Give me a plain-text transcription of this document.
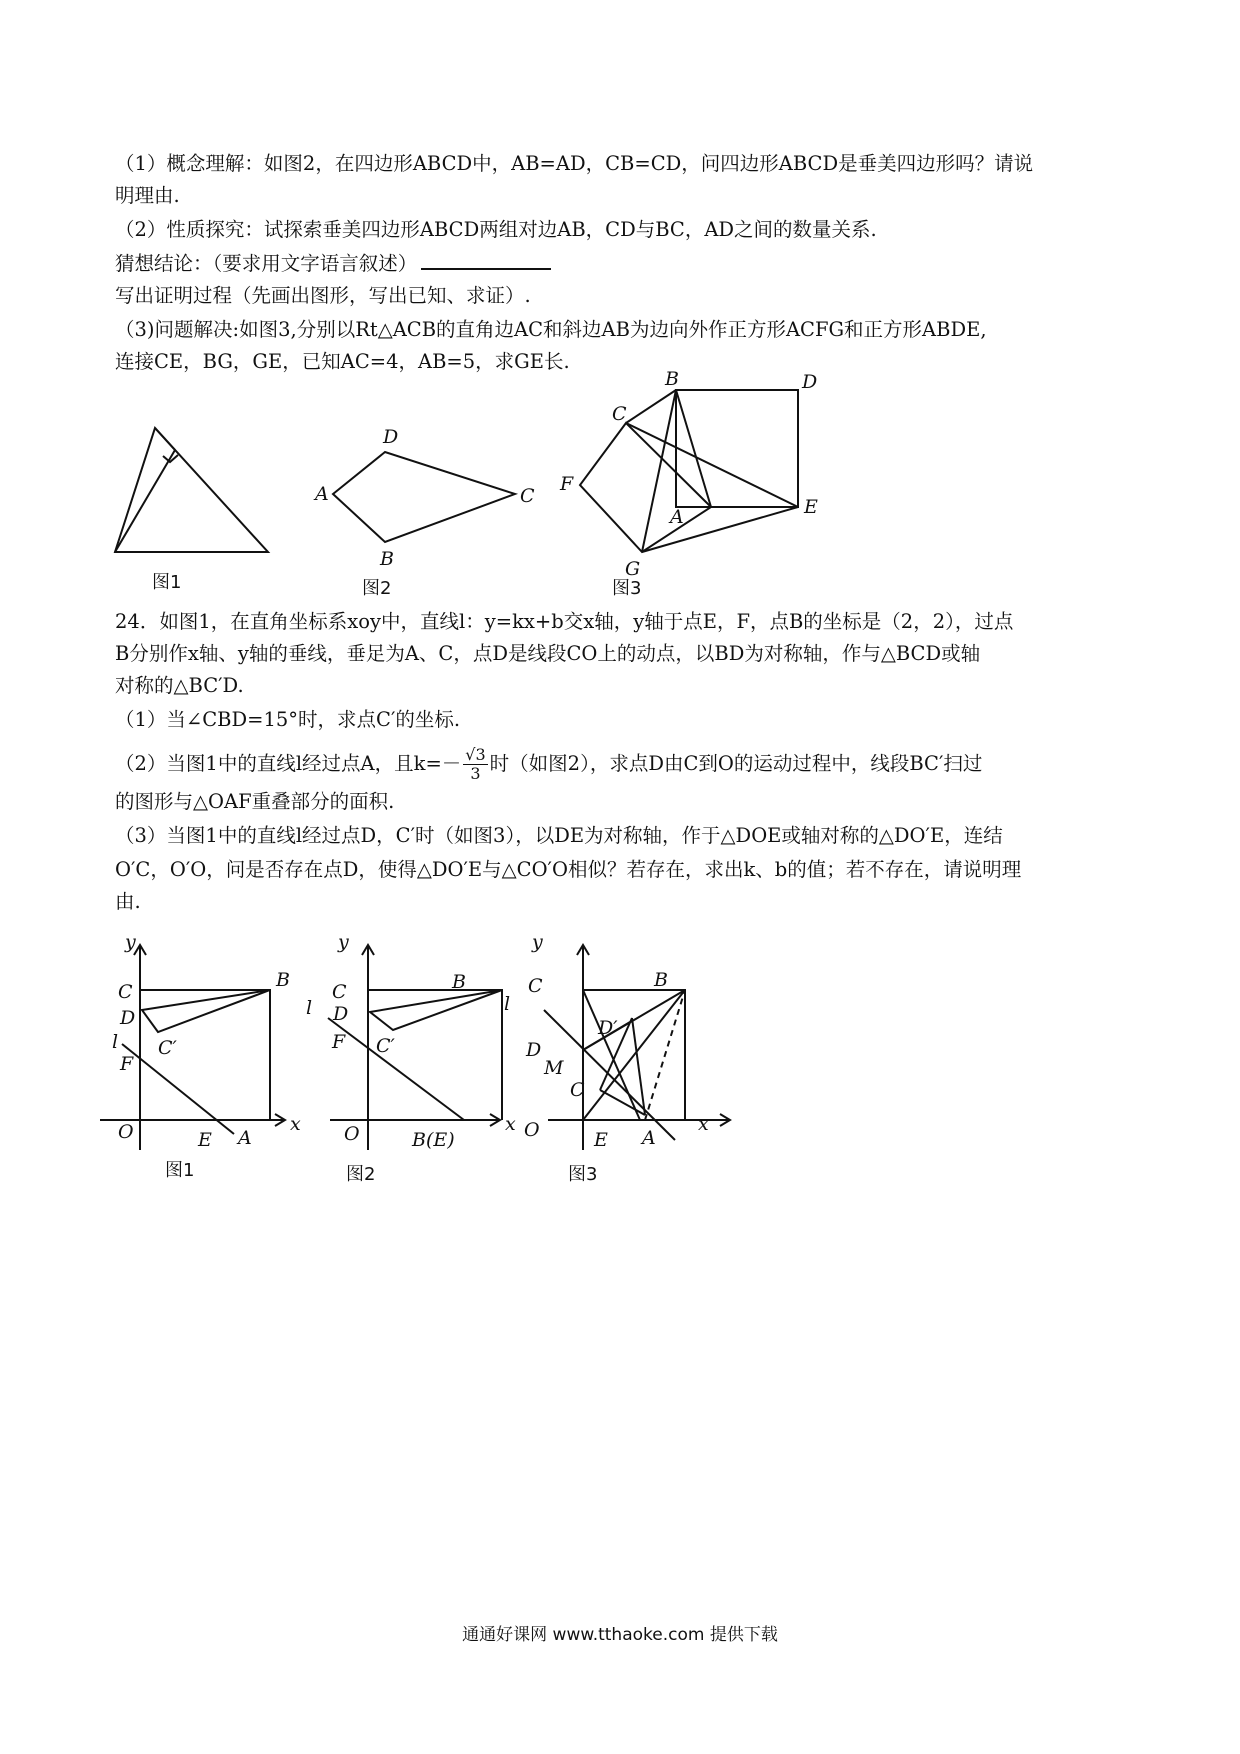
（1）概念理解：如图2，在四边形ABCD中，AB=AD，CB=CD，问四边形ABCD是垂美四边形吗？请说
明理由.
（2）性质探究：试探索垂美四边形ABCD两组对边AB，CD与BC，AD之间的数量关系.
猜想结论：（要求用文字语言叙述）
写出证明过程（先画出图形，写出已知、求证）.
（3)问题解决:如图3,分别以Rt△ACB的直角边AC和斜边AB为边向外作正方形ACFG和正方形ABDE,
连接CE，BG，GE，已知AC=4，AB=5，求GE长.
A
D
C
B
B	D
C
F
A	E
G
图1	图2	图3
24．如图1，在直角坐标系xoy中，直线l：y=kx+b交x轴，y轴于点E，F，点B的坐标是（2，2），过点
B分别作x轴、y轴的垂线，垂足为A、C，点D是线段CO上的动点，以BD为对称轴，作与△BCD或轴
对称的△BC′D.
（1）当∠CBD=15°时，求点C′的坐标.
（2）当图1中的直线l经过点A，且$k=- \frac{√3}{3}$ 时（如图2），求点D由C到O的运动过程中，线段BC′扫过
的图形与△OAF重叠部分的面积.
（3）当图1中的直线l经过点D，C′时（如图3），以DE为对称轴，作于△DOE或轴对称的△DO′E，连结
O′C，O′O，问是否存在点D，使得△DO′E与△CO′O相似？若存在，求出k、b的值；若不存在，请说明理
由.
y
x
C
B
D
C′
l
F
O	E A
图1
y
x
C	B
l D
C′
F
O	B(E)
图2
y
x
C	B
l
D′
D
M
C
O	E A
图3
通通好课网 www.tthaoke.com 提供下载
